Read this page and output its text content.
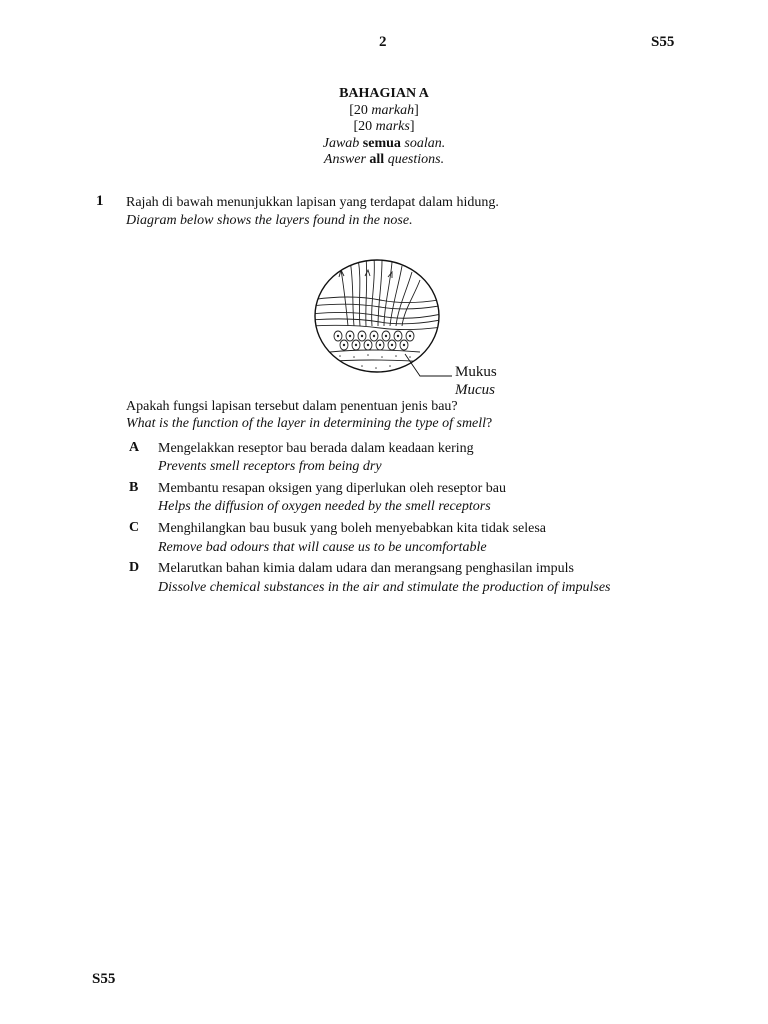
2	S55
BAHAGIAN A
[20 markah]
[20 marks]
Jawab semua soalan.
Answer all questions.
1 Rajah di bawah menunjukkan lapisan yang terdapat dalam hidung.
Diagram below shows the layers found in the nose.
Mukus
Mucus
Apakah fungsi lapisan tersebut dalam penentuan jenis bau?
What is the function of the layer in determining the type of smell?
A Mengelakkan reseptor bau berada dalam keadaan kering
Prevents smell receptors from being dry
B Membantu resapan oksigen yang diperlukan oleh reseptor bau
Helps the diffusion of oxygen needed by the smell receptors
C Menghilangkan bau busuk yang boleh menyebabkan kita tidak selesa
Remove bad odours that will cause us to be uncomfortable
D Melarutkan bahan kimia dalam udara dan merangsang penghasilan impuls
Dissolve chemical substances in the air and stimulate the production of impulses
S55
